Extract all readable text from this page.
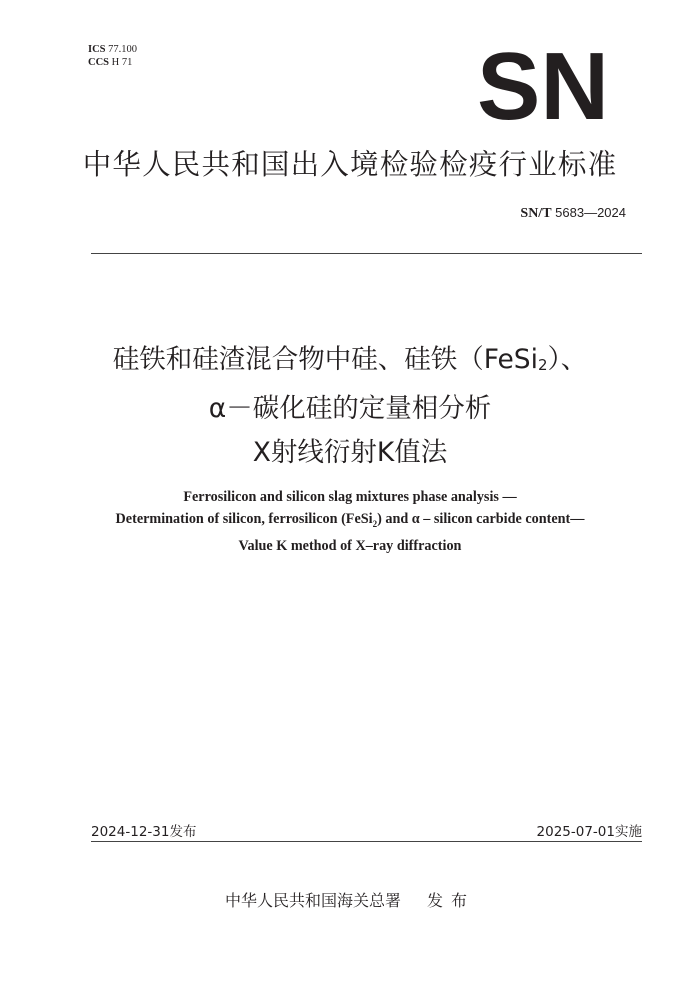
ICS 77.100
CCS H 71	SN
中华人民共和国出入境检验检疫行业标准
SN/T 5683—2024
硅铁和硅渣混合物中硅、硅铁（FeSi$_2$）、
α－碳化硅的定量相分析
X射线衍射K值法
Ferrosilicon and silicon slag mixtures phase analysis —
Determination of silicon, ferrosilicon (FeSi$_2$) and α – silicon carbide content—
Value K method of X–ray diffraction
2024-12-31发布	2025-07-01实施
中华人民共和国海关总署 发布
